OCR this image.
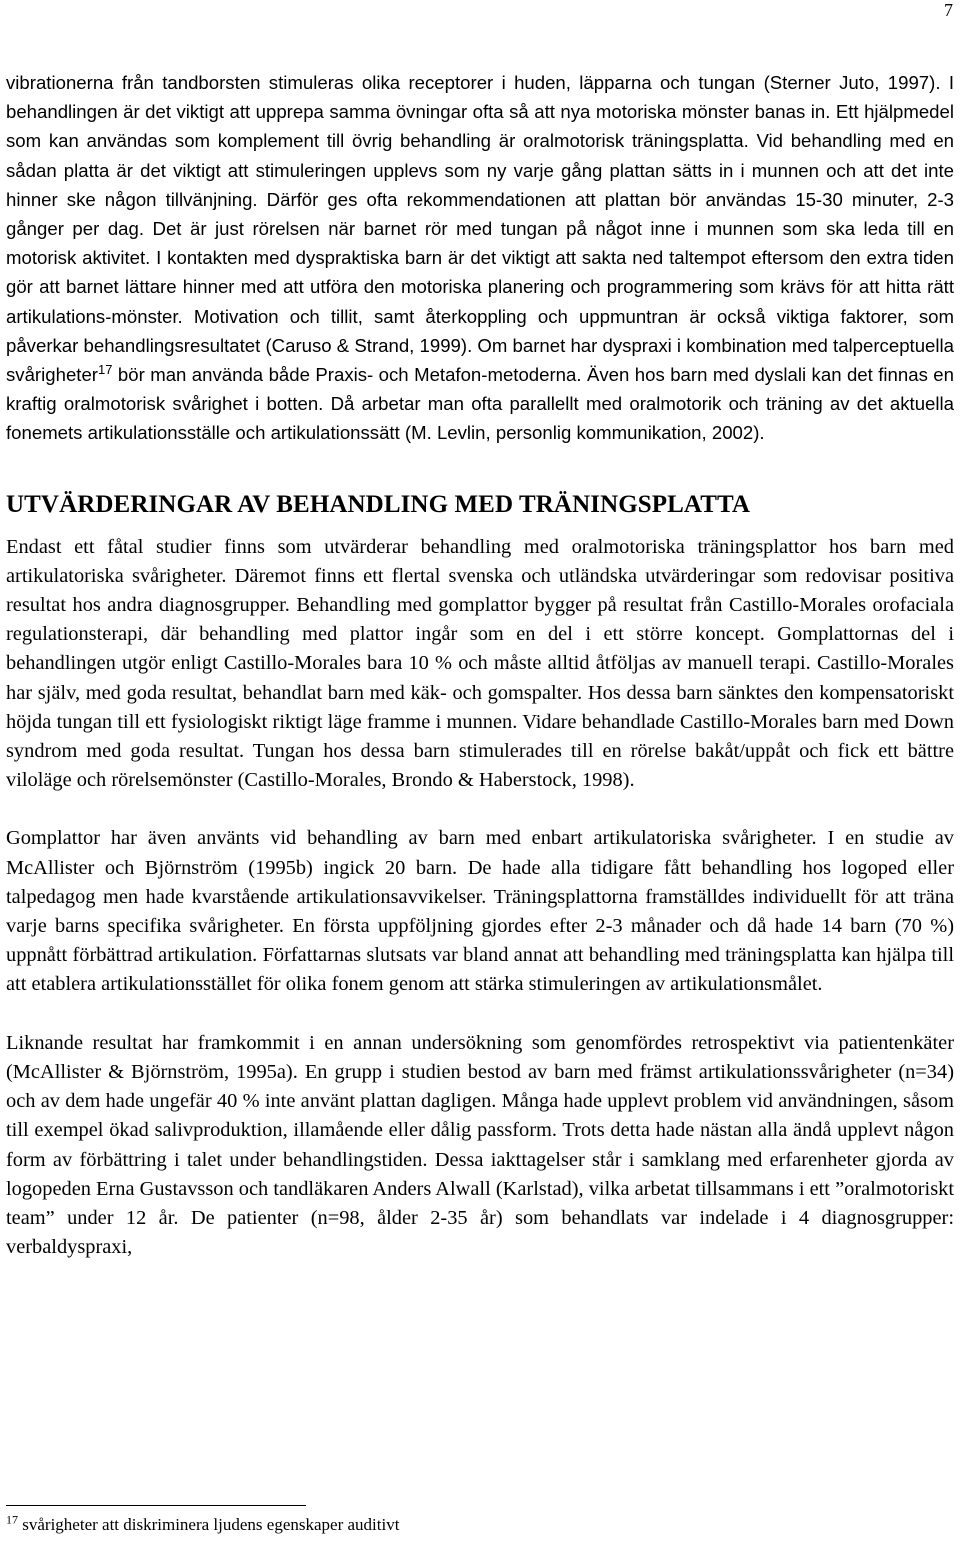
7

vibrationerna från tandborsten stimuleras olika receptorer i huden, läpparna och tungan (Sterner Juto, 1997). I behandlingen är det viktigt att upprepa samma övningar ofta så att nya motoriska mönster banas in. Ett hjälpmedel som kan användas som komplement till övrig behandling är oralmotorisk träningsplatta. Vid behandling med en sådan platta är det viktigt att stimuleringen upplevs som ny varje gång plattan sätts in i munnen och att det inte hinner ske någon tillvänjning. Därför ges ofta rekommendationen att plattan bör användas 15-30 minuter, 2-3 gånger per dag. Det är just rörelsen när barnet rör med tungan på något inne i munnen som ska leda till en motorisk aktivitet. I kontakten med dyspraktiska barn är det viktigt att sakta ned taltempot eftersom den extra tiden gör att barnet lättare hinner med att utföra den motoriska planering och programmering som krävs för att hitta rätt artikulations-mönster. Motivation och tillit, samt återkoppling och uppmuntran är också viktiga faktorer, som påverkar behandlingsresultatet (Caruso & Strand, 1999). Om barnet har dyspraxi i kombination med talperceptuella svårigheter$^{17}$ bör man använda både Praxis- och Metafon-metoderna. Även hos barn med dyslali kan det finnas en kraftig oralmotorisk svårighet i botten. Då arbetar man ofta parallellt med oralmotorik och träning av det aktuella fonemets artikulationsställe och artikulationssätt (M. Levlin, personlig kommunikation, 2002).

UTVÄRDERINGAR AV BEHANDLING MED TRÄNINGSPLATTA

Endast ett fåtal studier finns som utvärderar behandling med oralmotoriska träningsplattor hos barn med artikulatoriska svårigheter. Däremot finns ett flertal svenska och utländska utvärderingar som redovisar positiva resultat hos andra diagnosgrupper. Behandling med gomplattor bygger på resultat från Castillo-Morales orofaciala regulationsterapi, där behandling med plattor ingår som en del i ett större koncept. Gomplattornas del i behandlingen utgör enligt Castillo-Morales bara 10 % och måste alltid åtföljas av manuell terapi. Castillo-Morales har själv, med goda resultat, behandlat barn med käk- och gomspalter. Hos dessa barn sänktes den kompensatoriskt höjda tungan till ett fysiologiskt riktigt läge framme i munnen. Vidare behandlade Castillo-Morales barn med Down syndrom med goda resultat. Tungan hos dessa barn stimulerades till en rörelse bakåt/uppåt och fick ett bättre viloläge och rörelsemönster (Castillo-Morales, Brondo & Haberstock, 1998).

Gomplattor har även använts vid behandling av barn med enbart artikulatoriska svårigheter. I en studie av McAllister och Björnström (1995b) ingick 20 barn. De hade alla tidigare fått behandling hos logoped eller talpedagog men hade kvarstående artikulationsavvikelser. Träningsplattorna framställdes individuellt för att träna varje barns specifika svårigheter. En första uppföljning gjordes efter 2-3 månader och då hade 14 barn (70 %) uppnått förbättrad artikulation. Författarnas slutsats var bland annat att behandling med träningsplatta kan hjälpa till att etablera artikulationsstället för olika fonem genom att stärka stimuleringen av artikulationsmålet.

Liknande resultat har framkommit i en annan undersökning som genomfördes retrospektivt via patientenkäter (McAllister & Björnström, 1995a). En grupp i studien bestod av barn med främst artikulationssvårigheter (n=34) och av dem hade ungefär 40 % inte använt plattan dagligen. Många hade upplevt problem vid användningen, såsom till exempel ökad salivproduktion, illamående eller dålig passform. Trots detta hade nästan alla ändå upplevt någon form av förbättring i talet under behandlingstiden. Dessa iakttagelser står i samklang med erfarenheter gjorda av logopeden Erna Gustavsson och tandläkaren Anders Alwall (Karlstad), vilka arbetat tillsammans i ett ”oralmotoriskt team” under 12 år. De patienter (n=98, ålder 2-35 år) som behandlats var indelade i 4 diagnosgrupper: verbaldyspraxi,

$^{17}$ svårigheter att diskriminera ljudens egenskaper auditivt
